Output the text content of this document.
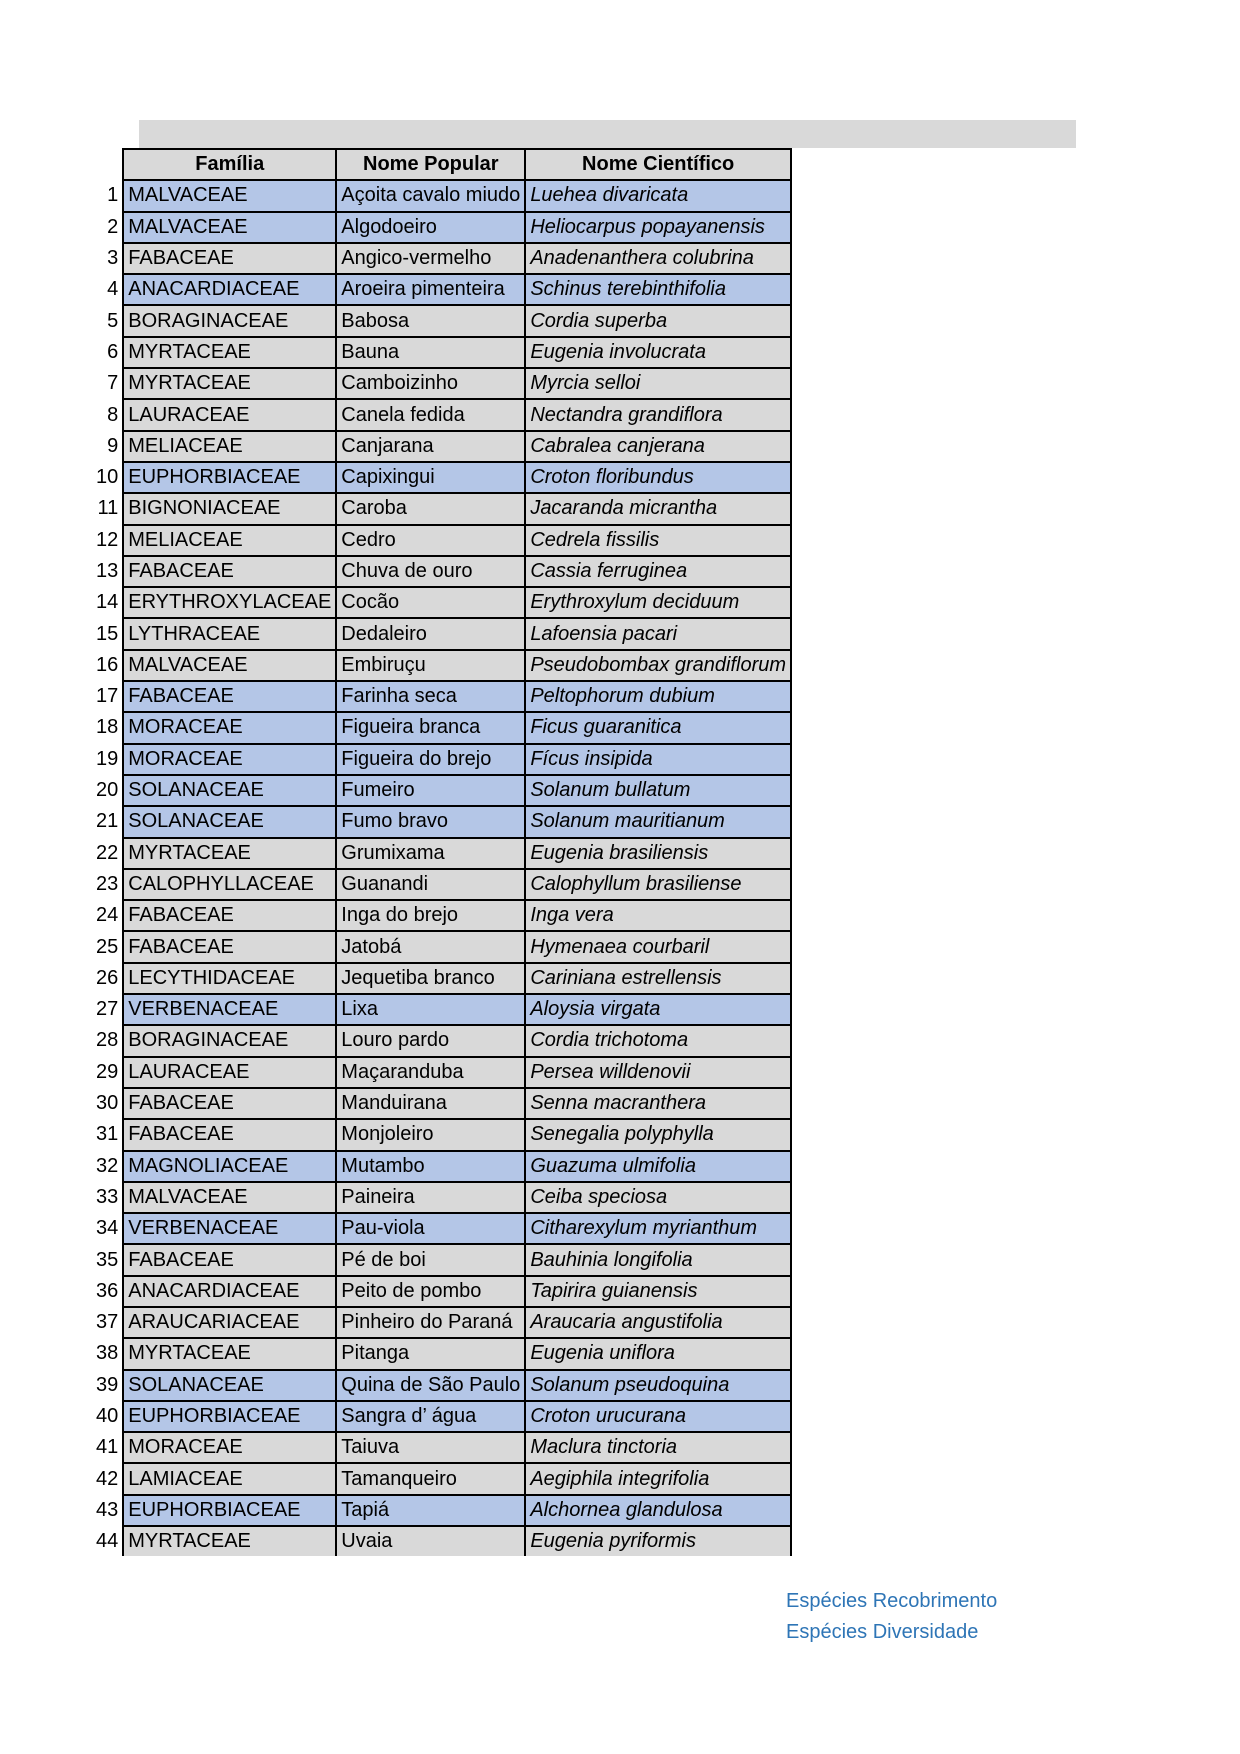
	Família	Nome Popular	Nome Científico
1	MALVACEAE	Açoita cavalo miudo	Luehea divaricata
2	MALVACEAE	Algodoeiro	Heliocarpus popayanensis
3	FABACEAE	Angico-vermelho	Anadenanthera colubrina
4	ANACARDIACEAE	Aroeira pimenteira	Schinus terebinthifolia
5	BORAGINACEAE	Babosa	Cordia superba
6	MYRTACEAE	Bauna	Eugenia involucrata
7	MYRTACEAE	Camboizinho	Myrcia selloi
8	LAURACEAE	Canela fedida	Nectandra grandiflora
9	MELIACEAE	Canjarana	Cabralea canjerana
10	EUPHORBIACEAE	Capixingui	Croton floribundus
11	BIGNONIACEAE	Caroba	Jacaranda micrantha
12	MELIACEAE	Cedro	Cedrela fissilis
13	FABACEAE	Chuva de ouro	Cassia ferruginea
14	ERYTHROXYLACEAE	Cocão	Erythroxylum deciduum
15	LYTHRACEAE	Dedaleiro	Lafoensia pacari
16	MALVACEAE	Embiruçu	Pseudobombax grandiflorum
17	FABACEAE	Farinha seca	Peltophorum dubium
18	MORACEAE	Figueira branca	Ficus guaranitica
19	MORACEAE	Figueira do brejo	Fícus insipida
20	SOLANACEAE	Fumeiro	Solanum bullatum
21	SOLANACEAE	Fumo bravo	Solanum mauritianum
22	MYRTACEAE	Grumixama	Eugenia brasiliensis
23	CALOPHYLLACEAE	Guanandi	Calophyllum brasiliense
24	FABACEAE	Inga do brejo	Inga vera
25	FABACEAE	Jatobá	Hymenaea courbaril
26	LECYTHIDACEAE	Jequetiba branco	Cariniana estrellensis
27	VERBENACEAE	Lixa	Aloysia virgata
28	BORAGINACEAE	Louro pardo	Cordia trichotoma
29	LAURACEAE	Maçaranduba	Persea willdenovii
30	FABACEAE	Manduirana	Senna macranthera
31	FABACEAE	Monjoleiro	Senegalia polyphylla
32	MAGNOLIACEAE	Mutambo	Guazuma ulmifolia
33	MALVACEAE	Paineira	Ceiba speciosa
34	VERBENACEAE	Pau-viola	Citharexylum myrianthum
35	FABACEAE	Pé de boi	Bauhinia longifolia
36	ANACARDIACEAE	Peito de pombo	Tapirira guianensis
37	ARAUCARIACEAE	Pinheiro do Paraná	Araucaria angustifolia
38	MYRTACEAE	Pitanga	Eugenia uniflora
39	SOLANACEAE	Quina de São Paulo	Solanum pseudoquina
40	EUPHORBIACEAE	Sangra d’ água	Croton urucurana
41	MORACEAE	Taiuva	Maclura tinctoria
42	LAMIACEAE	Tamanqueiro	Aegiphila integrifolia
43	EUPHORBIACEAE	Tapiá	Alchornea glandulosa
44	MYRTACEAE	Uvaia	Eugenia pyriformis
Espécies Recobrimento
Espécies Diversidade
